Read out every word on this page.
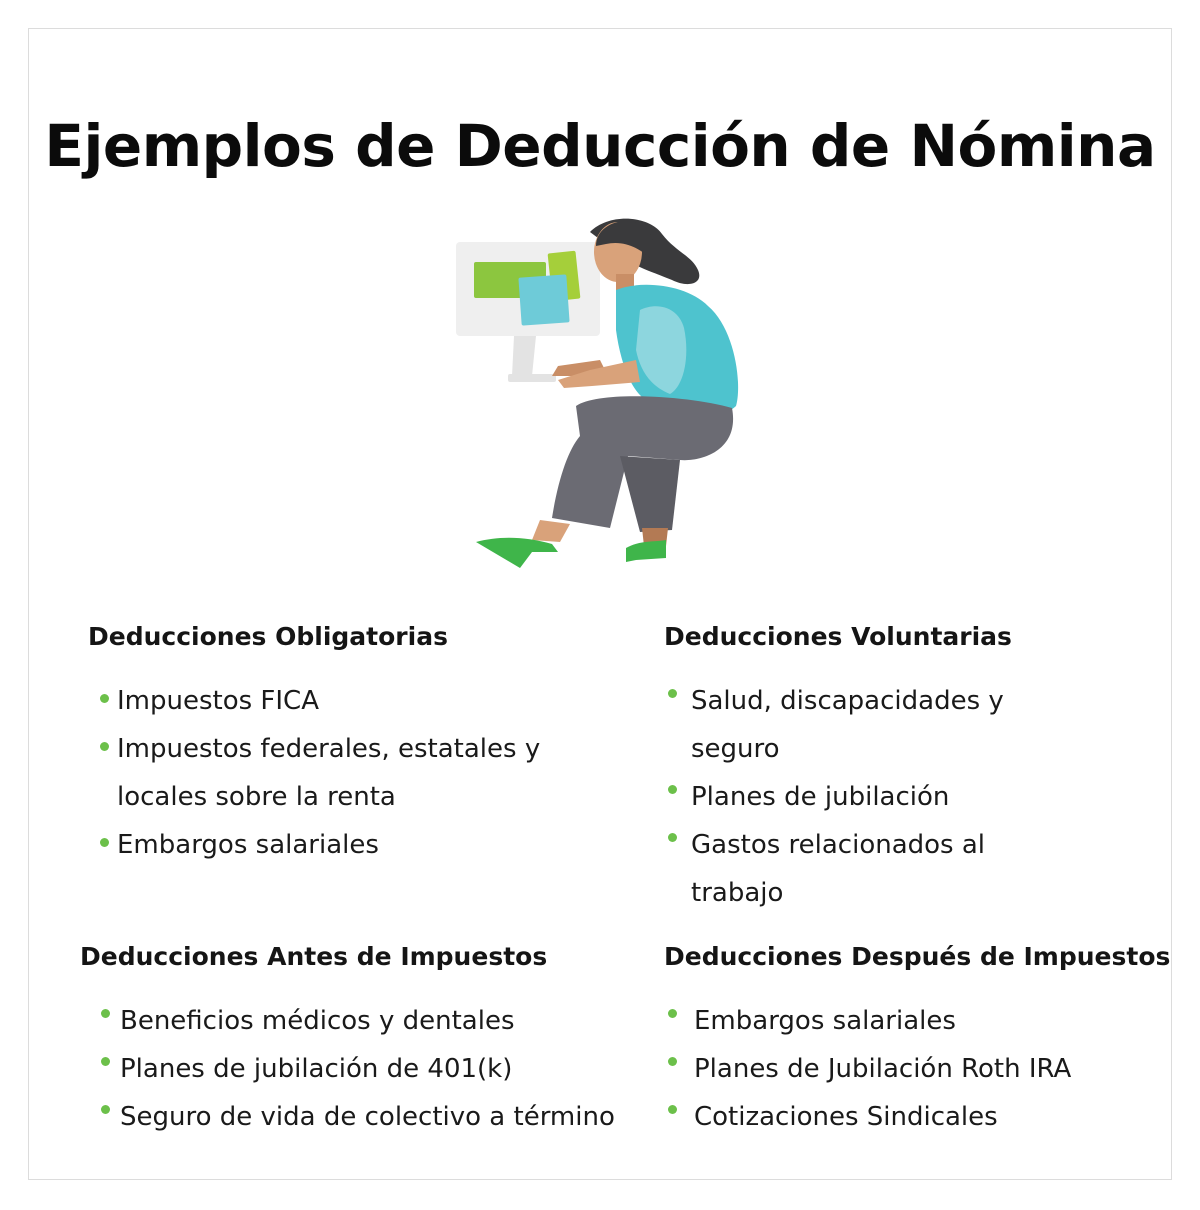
Ejemplos de Deducción de Nómina
Deducciones Obligatorias
Impuestos FICA
Impuestos federales, estatales y locales sobre la renta
Embargos salariales
Deducciones Voluntarias
Salud, discapacidades y seguro
Planes de jubilación
Gastos relacionados al trabajo
Deducciones Antes de Impuestos
Beneficios médicos y dentales
Planes de jubilación de 401(k)
Seguro de vida de colectivo a término
Deducciones Después de Impuestos
Embargos salariales
Planes de Jubilación Roth IRA
Cotizaciones Sindicales
